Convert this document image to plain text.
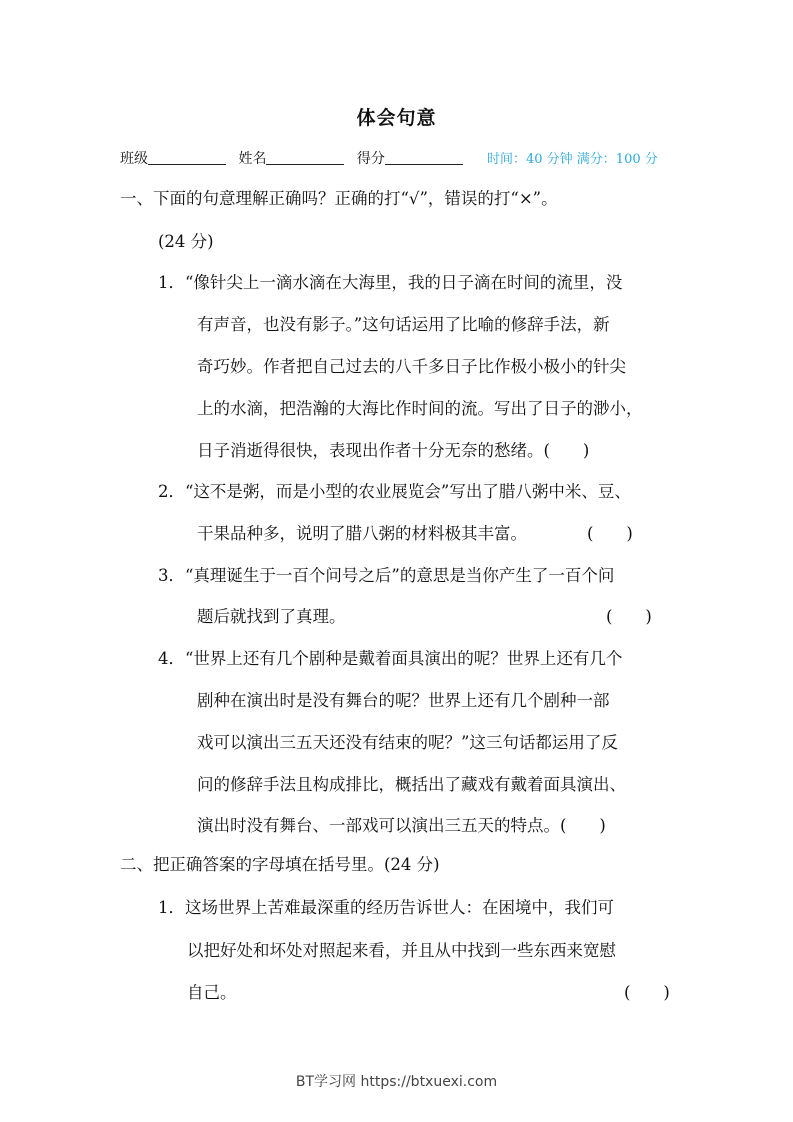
体会句意
班级	姓名	得分	时间：40 分钟 满分：100 分
一、下面的句意理解正确吗？正确的打“√”，错误的打“×”。
(24 分)
1．“像针尖上一滴水滴在大海里，我的日子滴在时间的流里，没
有声音，也没有影子。”这句话运用了比喻的修辞手法，新
奇巧妙。作者把自己过去的八千多日子比作极小极小的针尖
上的水滴，把浩瀚的大海比作时间的流。写出了日子的渺小，
日子消逝得很快，表现出作者十分无奈的愁绪。(　　)
2．“这不是粥，而是小型的农业展览会”写出了腊八粥中米、豆、
干果品种多，说明了腊八粥的材料极其丰富。	(　　)
3．“真理诞生于一百个问号之后”的意思是当你产生了一百个问
题后就找到了真理。	(　　)
4．“世界上还有几个剧种是戴着面具演出的呢？世界上还有几个
剧种在演出时是没有舞台的呢？世界上还有几个剧种一部
戏可以演出三五天还没有结束的呢？”这三句话都运用了反
问的修辞手法且构成排比，概括出了藏戏有戴着面具演出、
演出时没有舞台、一部戏可以演出三五天的特点。(　　)
二、把正确答案的字母填在括号里。(24 分)
1．这场世界上苦难最深重的经历告诉世人：在困境中，我们可
以把好处和坏处对照起来看，并且从中找到一些东西来宽慰
自己。	(　　)
BT学习网 https://btxuexi.com
